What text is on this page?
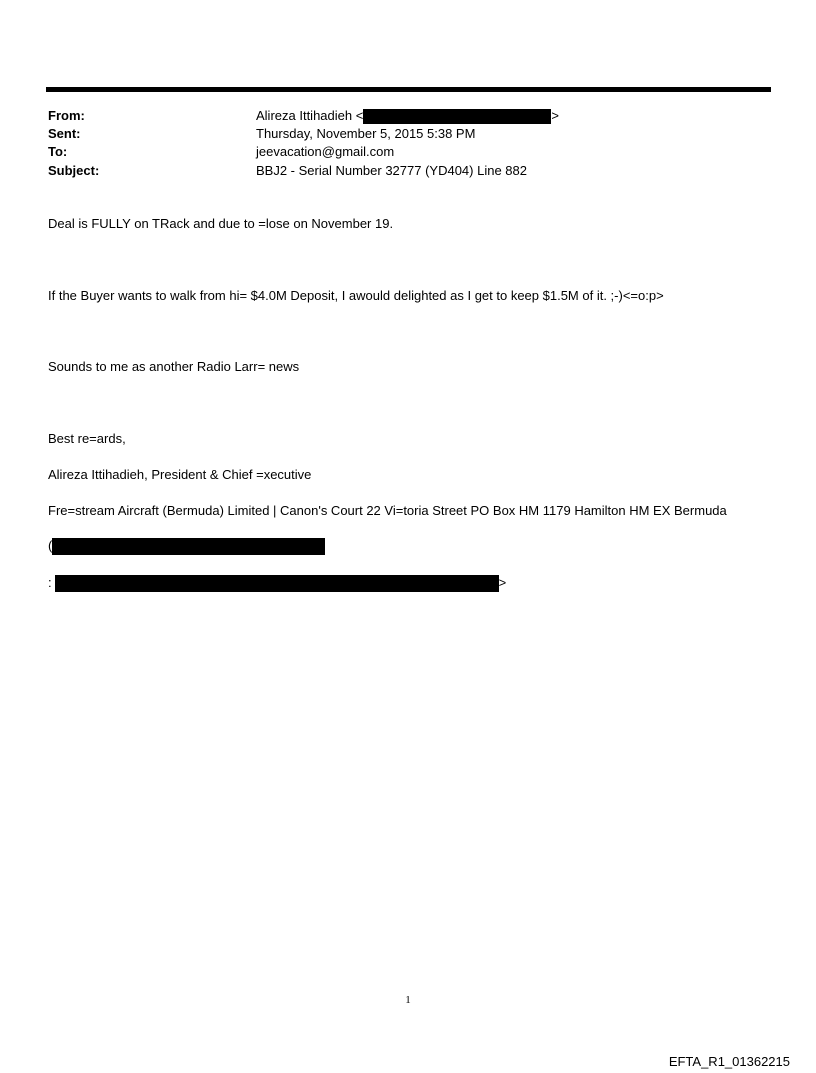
From:	Alireza Ittihadieh <	>
Sent:	Thursday, November 5, 2015 5:38 PM
To:	jeevacation@gmail.com
Subject:	BBJ2 - Serial Number 32777 (YD404) Line 882
Deal is FULLY on TRack and due to =lose on November 19.
If the Buyer wants to walk from hi= $4.0M Deposit, I awould delighted as I get to keep $1.5M of it. ;-)<=o:p>
Sounds to me as another Radio Larr= news
Best re=ards,
Alireza Ittihadieh, President & Chief =xecutive
Fre=stream Aircraft (Bermuda) Limited | Canon's Court 22 Vi=toria Street PO Box HM 1179 Hamilton HM EX Bermuda
(
:	>
1
EFTA_R1_01362215
